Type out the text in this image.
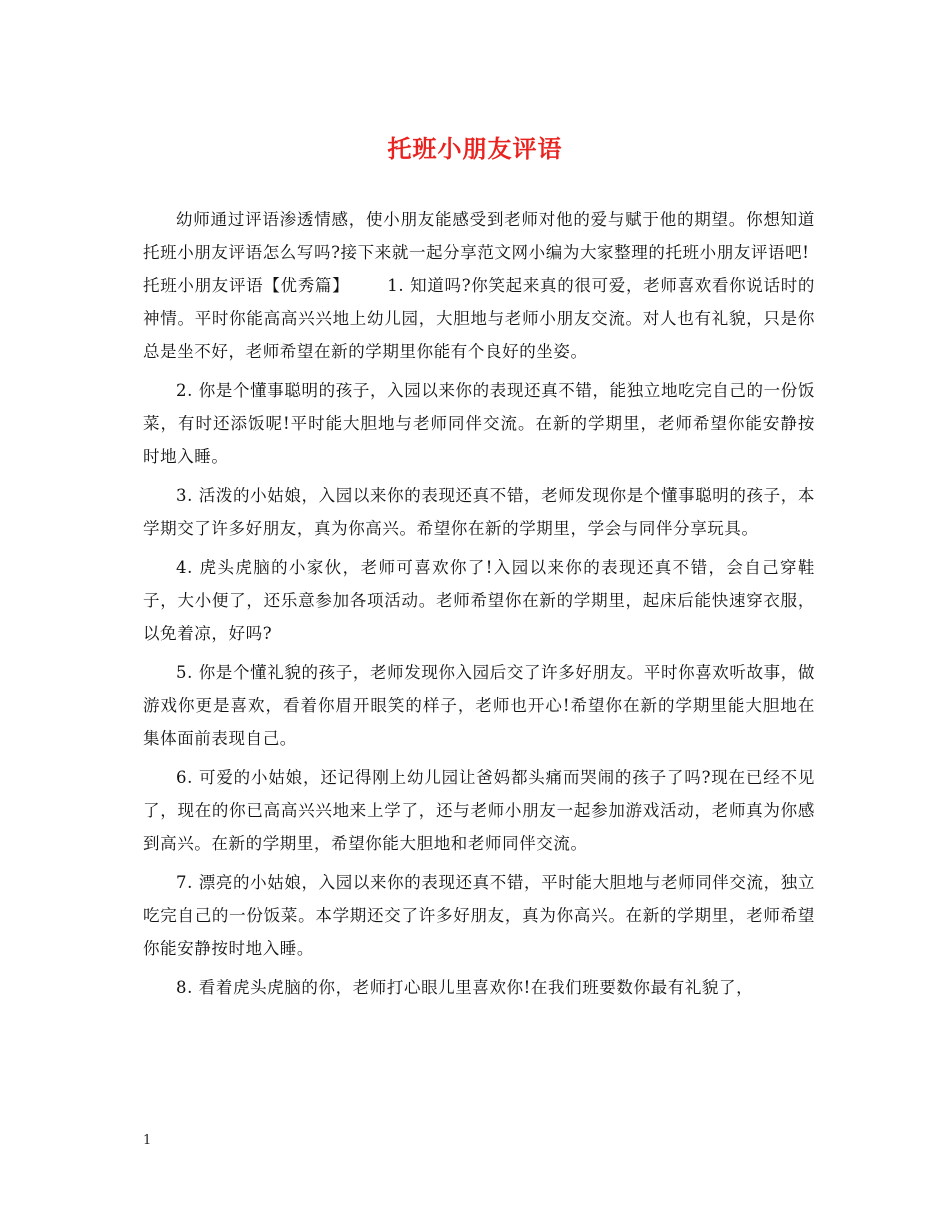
托班小朋友评语

幼师通过评语渗透情感，使小朋友能感受到老师对他的爱与赋于他的期望。你想知道托班小朋友评语怎么写吗?接下来就一起分享范文网小编为大家整理的托班小朋友评语吧!

托班小朋友评语【优秀篇】 1. 知道吗?你笑起来真的很可爱，老师喜欢看你说话时的神情。平时你能高高兴兴地上幼儿园，大胆地与老师小朋友交流。对人也有礼貌，只是你总是坐不好，老师希望在新的学期里你能有个良好的坐姿。

2. 你是个懂事聪明的孩子，入园以来你的表现还真不错，能独立地吃完自己的一份饭菜，有时还添饭呢!平时能大胆地与老师同伴交流。在新的学期里，老师希望你能安静按时地入睡。

3. 活泼的小姑娘，入园以来你的表现还真不错，老师发现你是个懂事聪明的孩子，本学期交了许多好朋友，真为你高兴。希望你在新的学期里，学会与同伴分享玩具。

4. 虎头虎脑的小家伙，老师可喜欢你了!入园以来你的表现还真不错，会自己穿鞋子，大小便了，还乐意参加各项活动。老师希望你在新的学期里，起床后能快速穿衣服，以免着凉，好吗?

5. 你是个懂礼貌的孩子，老师发现你入园后交了许多好朋友。平时你喜欢听故事，做游戏你更是喜欢，看着你眉开眼笑的样子，老师也开心!希望你在新的学期里能大胆地在集体面前表现自己。

6. 可爱的小姑娘，还记得刚上幼儿园让爸妈都头痛而哭闹的孩子了吗?现在已经不见了，现在的你已高高兴兴地来上学了，还与老师小朋友一起参加游戏活动，老师真为你感到高兴。在新的学期里，希望你能大胆地和老师同伴交流。

7. 漂亮的小姑娘，入园以来你的表现还真不错，平时能大胆地与老师同伴交流，独立吃完自己的一份饭菜。本学期还交了许多好朋友，真为你高兴。在新的学期里，老师希望你能安静按时地入睡。

8. 看着虎头虎脑的你，老师打心眼儿里喜欢你!在我们班要数你最有礼貌了，

1
